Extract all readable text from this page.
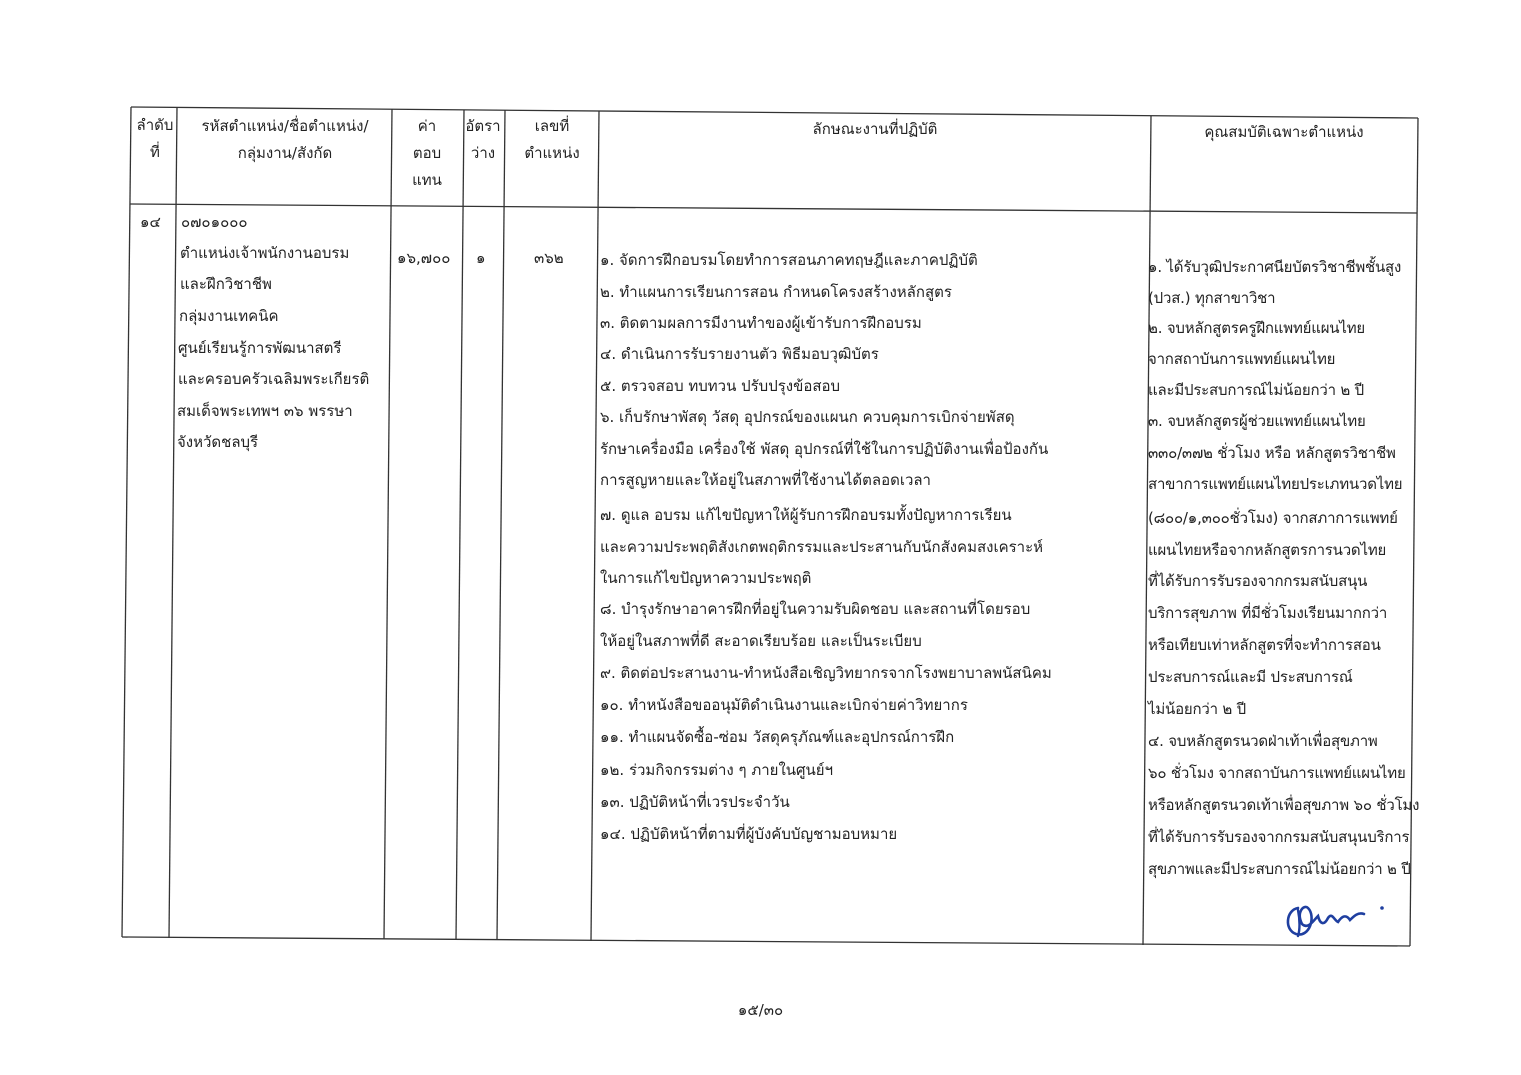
ลำดับ
ที่
รหัสตำแหน่ง/ชื่อตำแหน่ง/
กลุ่มงาน/สังกัด
ค่า
ตอบ
แทน
อัตรา
ว่าง
เลขที่
ตำแหน่ง
ลักษณะงานที่ปฏิบัติ	คุณสมบัติเฉพาะตำแหน่ง
๑๔ ๐๗๐๑๐๐๐
ตำแหน่งเจ้าพนักงานอบรม
และฝึกวิชาชีพ
กลุ่มงานเทคนิค
ศูนย์เรียนรู้การพัฒนาสตรี
และครอบครัวเฉลิมพระเกียรติ
สมเด็จพระเทพฯ ๓๖ พรรษา
จังหวัดชลบุรี
๑๖,๗๐๐ ๑	๓๖๒ ๑. จัดการฝึกอบรมโดยทำการสอนภาคทฤษฎีและภาคปฏิบัติ
๒. ทำแผนการเรียนการสอน กำหนดโครงสร้างหลักสูตร
๓. ติดตามผลการมีงานทำของผู้เข้ารับการฝึกอบรม
๔. ดำเนินการรับรายงานตัว พิธีมอบวุฒิบัตร
๕. ตรวจสอบ ทบทวน ปรับปรุงข้อสอบ
๖. เก็บรักษาพัสดุ วัสดุ อุปกรณ์ของแผนก ควบคุมการเบิกจ่ายพัสดุ
รักษาเครื่องมือ เครื่องใช้ พัสดุ อุปกรณ์ที่ใช้ในการปฏิบัติงานเพื่อป้องกัน
การสูญหายและให้อยู่ในสภาพที่ใช้งานได้ตลอดเวลา
๗. ดูแล อบรม แก้ไขปัญหาให้ผู้รับการฝึกอบรมทั้งปัญหาการเรียน
และความประพฤติสังเกตพฤติกรรมและประสานกับนักสังคมสงเคราะห์
ในการแก้ไขปัญหาความประพฤติ
๘. บำรุงรักษาอาคารฝึกที่อยู่ในความรับผิดชอบ และสถานที่โดยรอบ
ให้อยู่ในสภาพที่ดี สะอาดเรียบร้อย และเป็นระเบียบ
๙. ติดต่อประสานงาน-ทำหนังสือเชิญวิทยากรจากโรงพยาบาลพนัสนิคม
๑๐. ทำหนังสือขออนุมัติดำเนินงานและเบิกจ่ายค่าวิทยากร
๑๑. ทำแผนจัดซื้อ-ซ่อม วัสดุครุภัณฑ์และอุปกรณ์การฝึก
๑๒. ร่วมกิจกรรมต่าง ๆ ภายในศูนย์ฯ
๑๓. ปฏิบัติหน้าที่เวรประจำวัน
๑๔. ปฏิบัติหน้าที่ตามที่ผู้บังคับบัญชามอบหมาย
๑. ได้รับวุฒิประกาศนียบัตรวิชาชีพชั้นสูง
(ปวส.) ทุกสาขาวิชา
๒. จบหลักสูตรครูฝึกแพทย์แผนไทย
จากสถาบันการแพทย์แผนไทย
และมีประสบการณ์ไม่น้อยกว่า ๒ ปี
๓. จบหลักสูตรผู้ช่วยแพทย์แผนไทย
๓๓๐/๓๗๒ ชั่วโมง หรือ หลักสูตรวิชาชีพ
สาขาการแพทย์แผนไทยประเภทนวดไทย
(๘๐๐/๑,๓๐๐ชั่วโมง) จากสภาการแพทย์
แผนไทยหรือจากหลักสูตรการนวดไทย
ที่ได้รับการรับรองจากกรมสนับสนุน
บริการสุขภาพ ที่มีชั่วโมงเรียนมากกว่า
หรือเทียบเท่าหลักสูตรที่จะทำการสอน
ประสบการณ์และมี ประสบการณ์
ไม่น้อยกว่า ๒ ปี
๔. จบหลักสูตรนวดฝ่าเท้าเพื่อสุขภาพ
๖๐ ชั่วโมง จากสถาบันการแพทย์แผนไทย
หรือหลักสูตรนวดเท้าเพื่อสุขภาพ ๖๐ ชั่วโมง
ที่ได้รับการรับรองจากกรมสนับสนุนบริการ
สุขภาพและมีประสบการณ์ไม่น้อยกว่า ๒ ปี
๑๕/๓๐
